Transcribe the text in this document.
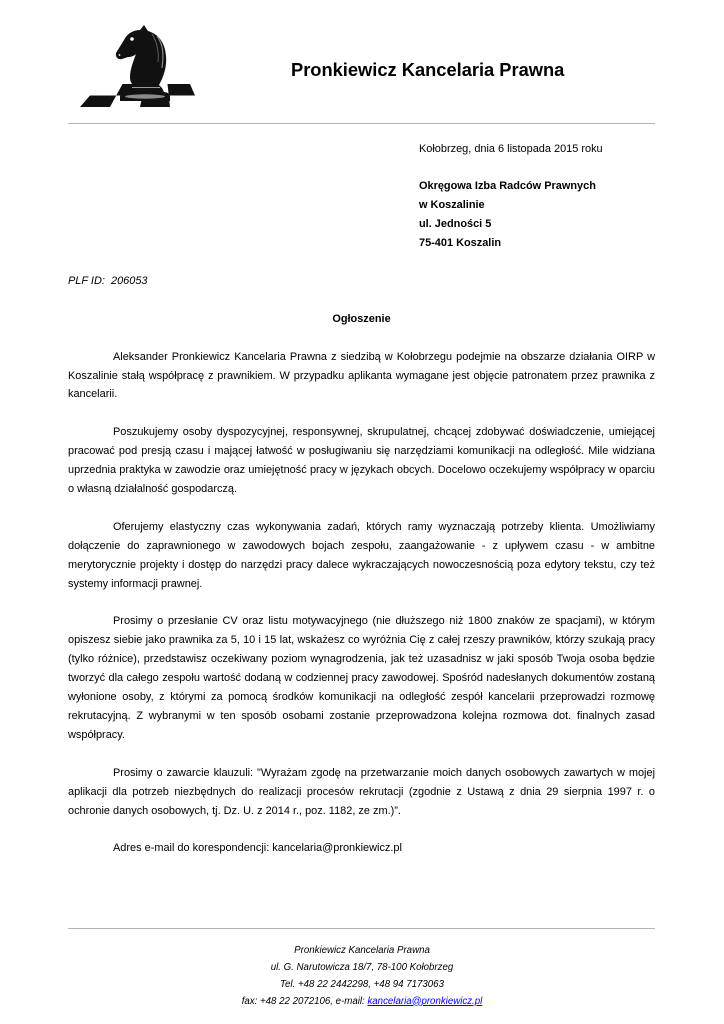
Pronkiewicz Kancelaria Prawna
Kołobrzeg, dnia 6 listopada 2015 roku
Okręgowa Izba Radców Prawnych
w Koszalinie
ul. Jedności 5
75-401 Koszalin
PLF ID: 206053
Ogłoszenie
Aleksander Pronkiewicz Kancelaria Prawna z siedzibą w Kołobrzegu podejmie na obszarze działania OIRP w
Koszalinie stałą współpracę z prawnikiem. W przypadku aplikanta wymagane jest objęcie patronatem przez prawnika z
kancelarii.
Poszukujemy osoby dyspozycyjnej, responsywnej, skrupulatnej, chcącej zdobywać doświadczenie, umiejącej
pracować pod presją czasu i mającej łatwość w posługiwaniu się narzędziami komunikacji na odległość. Mile widziana
uprzednia praktyka w zawodzie oraz umiejętność pracy w językach obcych. Docelowo oczekujemy współpracy w oparciu
o własną działalność gospodarczą.
Oferujemy elastyczny czas wykonywania zadań, których ramy wyznaczają potrzeby klienta. Umożliwiamy
dołączenie do zaprawnionego w zawodowych bojach zespołu, zaangażowanie - z upływem czasu - w ambitne
merytorycznie projekty i dostęp do narzędzi pracy dalece wykraczających nowoczesnością poza edytory tekstu, czy też
systemy informacji prawnej.
Prosimy o przesłanie CV oraz listu motywacyjnego (nie dłuższego niż 1800 znaków ze spacjami), w którym
opiszesz siebie jako prawnika za 5, 10 i 15 lat, wskażesz co wyróżnia Cię z całej rzeszy prawników, którzy szukają pracy
(tylko różnice), przedstawisz oczekiwany poziom wynagrodzenia, jak też uzasadnisz w jaki sposób Twoja osoba będzie
tworzyć dla całego zespołu wartość dodaną w codziennej pracy zawodowej. Spośród nadesłanych dokumentów zostaną
wyłonione osoby, z którymi za pomocą środków komunikacji na odległość zespół kancelarii przeprowadzi rozmowę
rekrutacyjną. Z wybranymi w ten sposób osobami zostanie przeprowadzona kolejna rozmowa dot. finalnych zasad
współpracy.
Prosimy o zawarcie klauzuli: "Wyrażam zgodę na przetwarzanie moich danych osobowych zawartych w mojej
aplikacji dla potrzeb niezbędnych do realizacji procesów rekrutacji (zgodnie z Ustawą z dnia 29 sierpnia 1997 r. o
ochronie danych osobowych, tj. Dz. U. z 2014 r., poz. 1182, ze zm.)”.
Adres e-mail do korespondencji: kancelaria@pronkiewicz.pl
Pronkiewicz Kancelaria Prawna
ul. G. Narutowicza 18/7, 78-100 Kołobrzeg
Tel. +48 22 2442298, +48 94 7173063
fax: +48 22 2072106, e-mail: kancelaria@pronkiewicz.pl
